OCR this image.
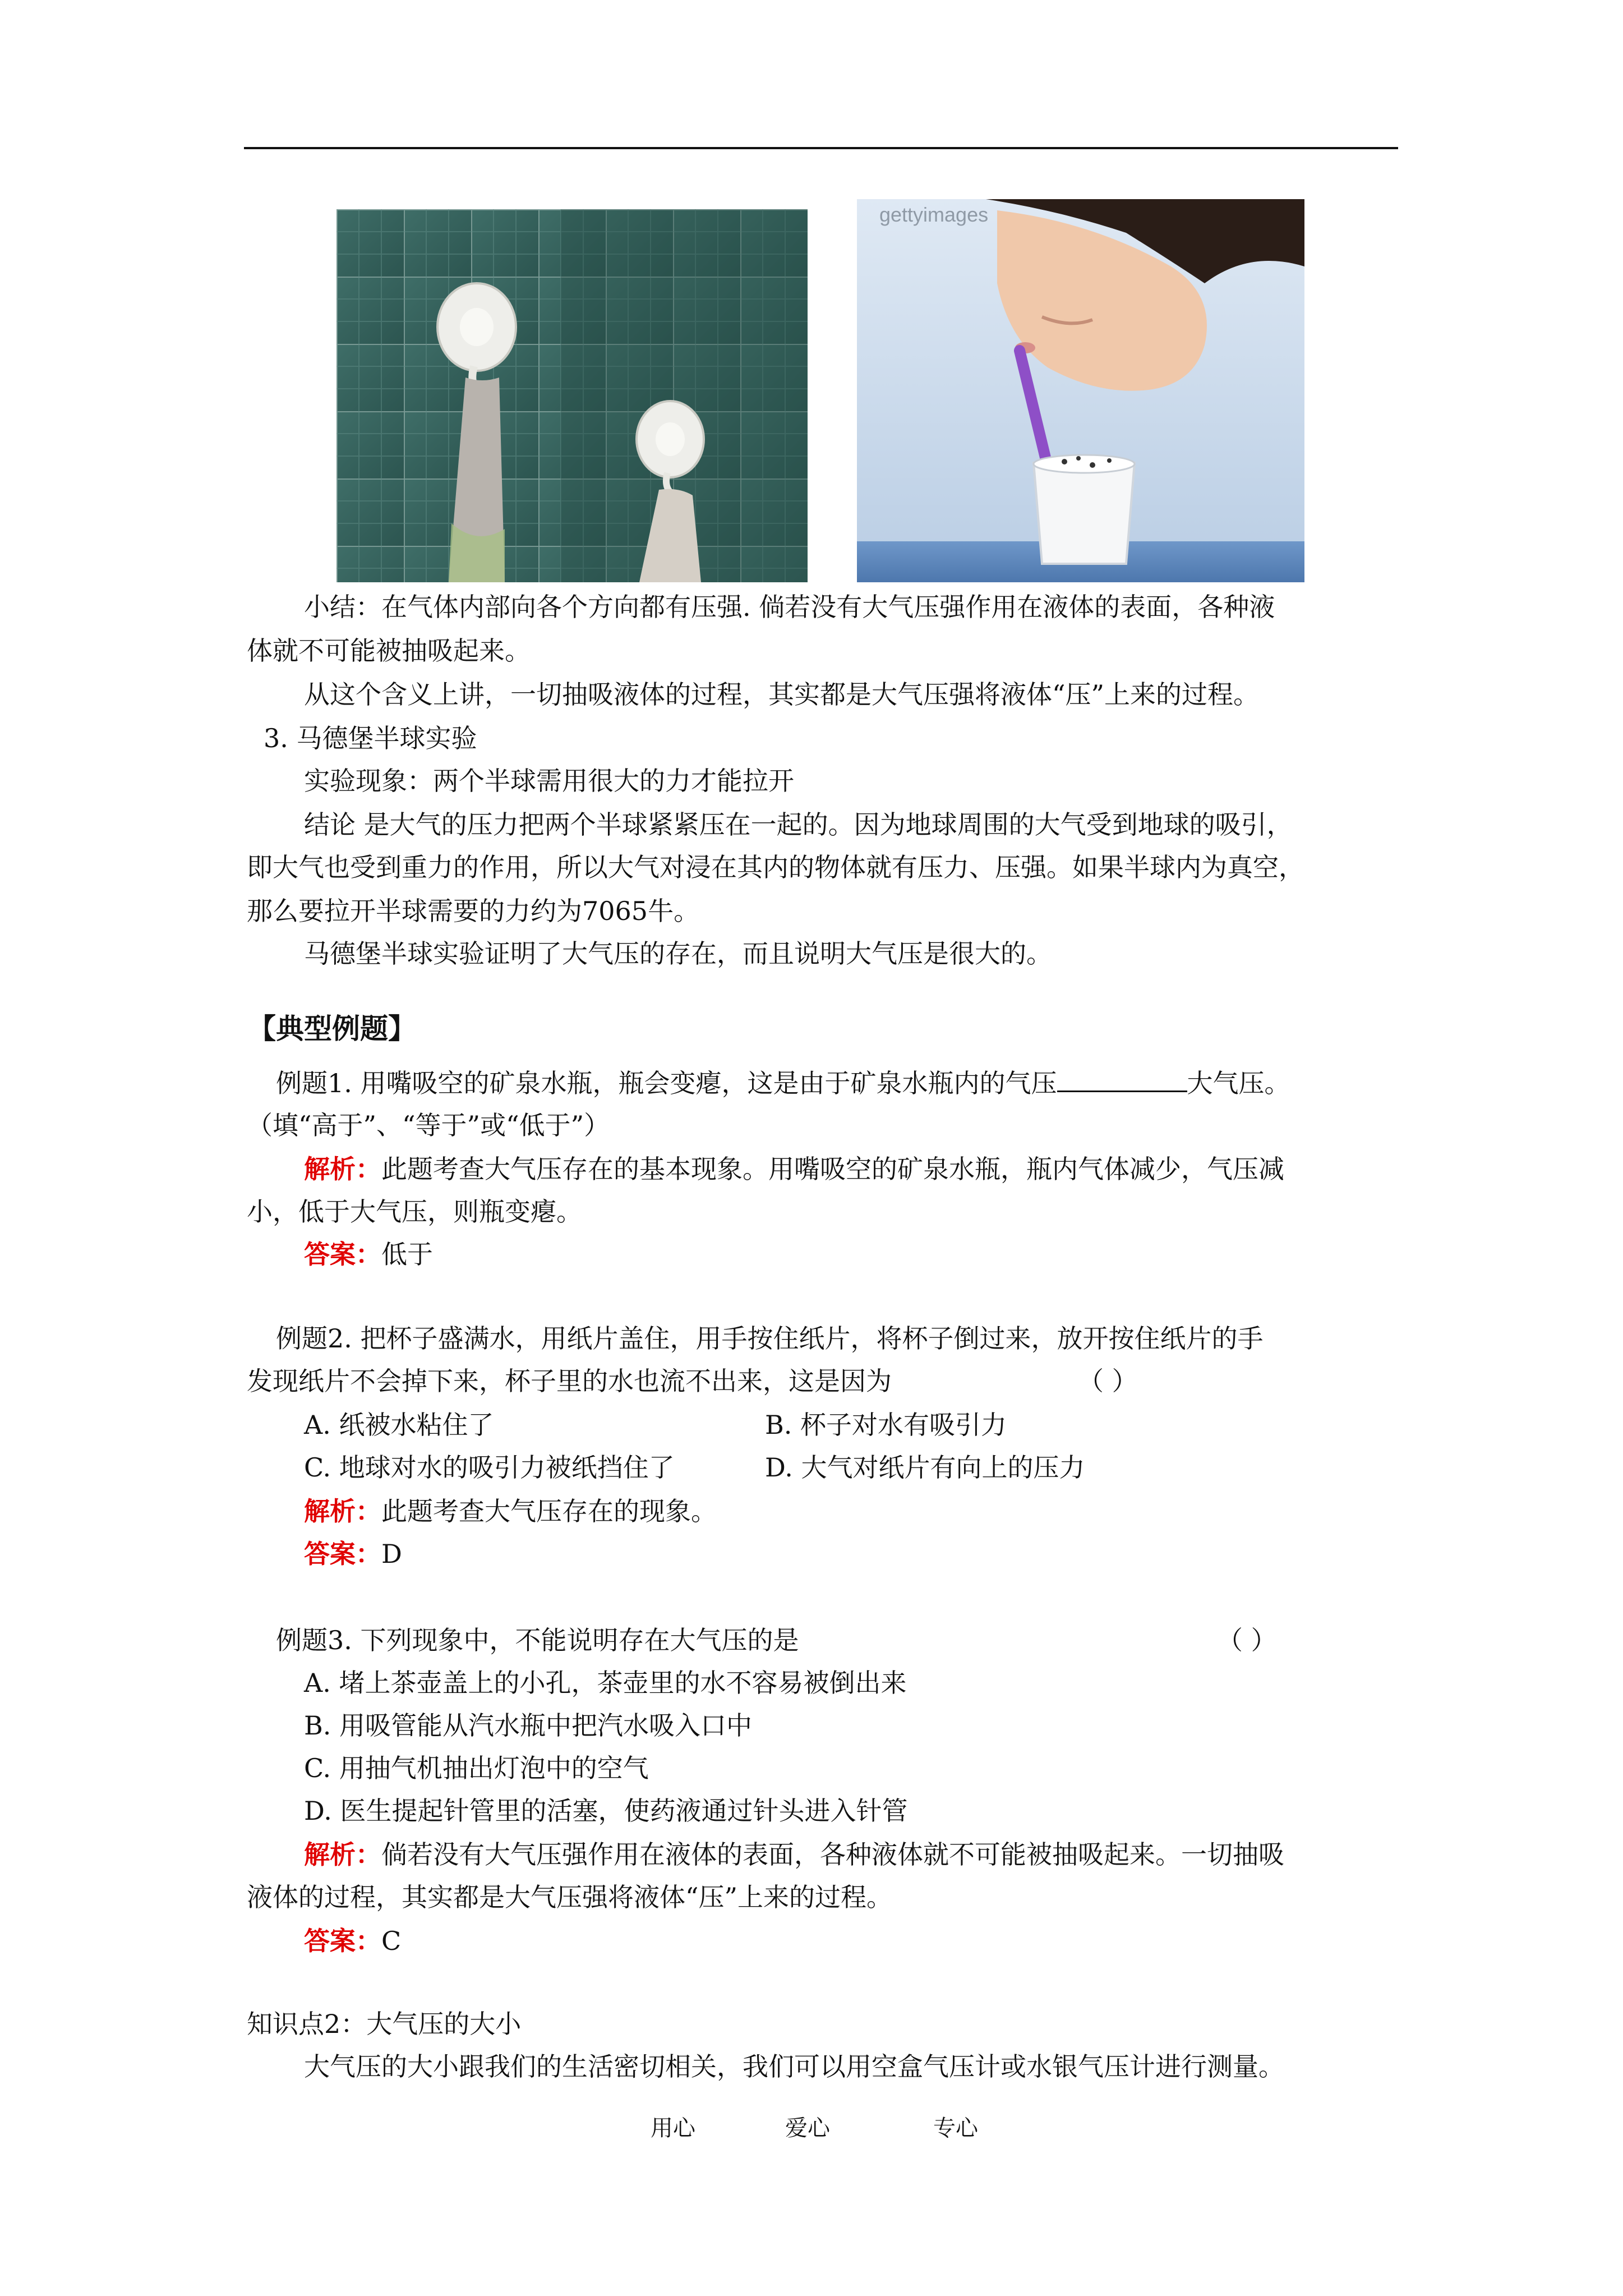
gettyimages
小结：在气体内部向各个方向都有压强. 倘若没有大气压强作用在液体的表面，各种液
体就不可能被抽吸起来。
从这个含义上讲，一切抽吸液体的过程，其实都是大气压强将液体“压”上来的过程。
3. 马德堡半球实验
实验现象：两个半球需用很大的力才能拉开
结论 是大气的压力把两个半球紧紧压在一起的。因为地球周围的大气受到地球的吸引，
即大气也受到重力的作用，所以大气对浸在其内的物体就有压力、压强。如果半球内为真空，
那么要拉开半球需要的力约为7065牛。
马德堡半球实验证明了大气压的存在，而且说明大气压是很大的。
【典型例题】
例题1. 用嘴吸空的矿泉水瓶，瓶会变瘪，这是由于矿泉水瓶内的气压	大气压。
（填“高于”、“等于”或“低于”）
解析：此题考查大气压存在的基本现象。用嘴吸空的矿泉水瓶，瓶内气体减少，气压减
小，低于大气压，则瓶变瘪。
答案：低于
例题2. 把杯子盛满水，用纸片盖住，用手按住纸片，将杯子倒过来，放开按住纸片的手
发现纸片不会掉下来，杯子里的水也流不出来，这是因为	（ ）
A. 纸被水粘住了	B. 杯子对水有吸引力
C. 地球对水的吸引力被纸挡住了	D. 大气对纸片有向上的压力
解析：此题考查大气压存在的现象。
答案：D
例题3. 下列现象中，不能说明存在大气压的是	（ ）
A. 堵上茶壶盖上的小孔，茶壶里的水不容易被倒出来
B. 用吸管能从汽水瓶中把汽水吸入口中
C. 用抽气机抽出灯泡中的空气
D. 医生提起针管里的活塞，使药液通过针头进入针管
解析：倘若没有大气压强作用在液体的表面，各种液体就不可能被抽吸起来。一切抽吸
液体的过程，其实都是大气压强将液体“压”上来的过程。
答案：C
知识点2：大气压的大小
大气压的大小跟我们的生活密切相关，我们可以用空盒气压计或水银气压计进行测量。
用心	爱心	专心
